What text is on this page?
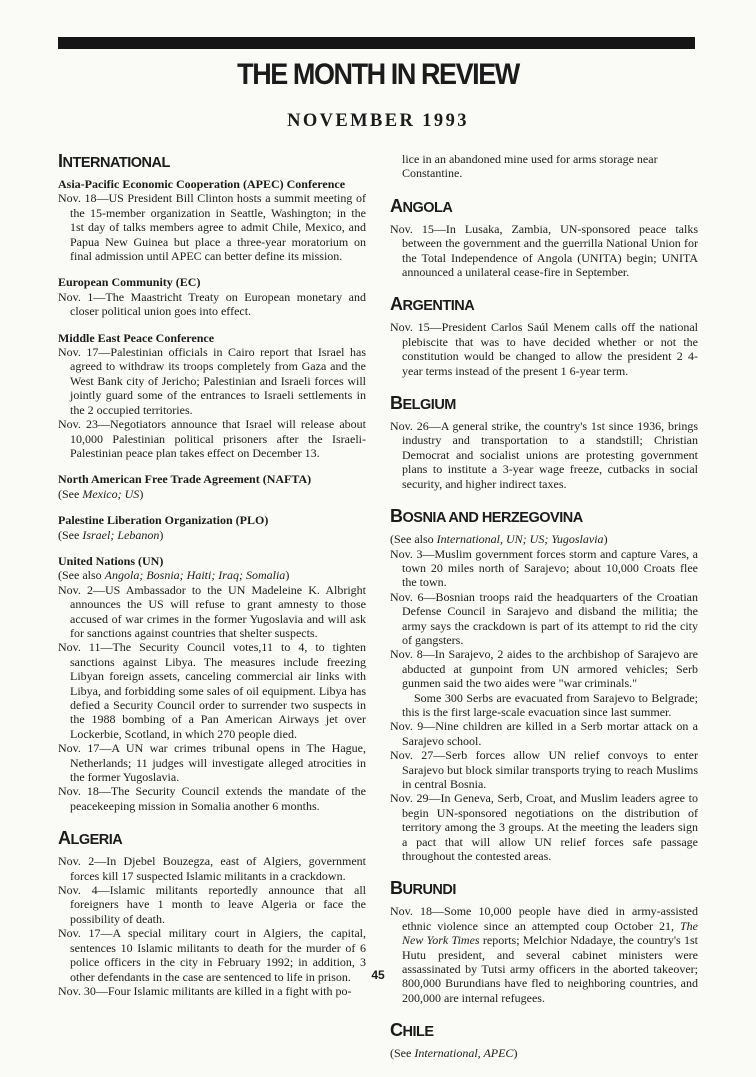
THE MONTH IN REVIEW
NOVEMBER 1993
INTERNATIONAL
Asia-Pacific Economic Cooperation (APEC) Conference
Nov. 18—US President Bill Clinton hosts a summit meeting of the 15-member organization in Seattle, Washington; in the 1st day of talks members agree to admit Chile, Mexico, and Papua New Guinea but place a three-year moratorium on final admission until APEC can better define its mission.
European Community (EC)
Nov. 1—The Maastricht Treaty on European monetary and closer political union goes into effect.
Middle East Peace Conference
Nov. 17—Palestinian officials in Cairo report that Israel has agreed to withdraw its troops completely from Gaza and the West Bank city of Jericho; Palestinian and Israeli forces will jointly guard some of the entrances to Israeli settlements in the 2 occupied territories.
Nov. 23—Negotiators announce that Israel will release about 10,000 Palestinian political prisoners after the Israeli-Palestinian peace plan takes effect on December 13.
North American Free Trade Agreement (NAFTA)
(See Mexico; US)
Palestine Liberation Organization (PLO)
(See Israel; Lebanon)
United Nations (UN)
(See also Angola; Bosnia; Haiti; Iraq; Somalia)
Nov. 2—US Ambassador to the UN Madeleine K. Albright announces the US will refuse to grant amnesty to those accused of war crimes in the former Yugoslavia and will ask for sanctions against countries that shelter suspects.
Nov. 11—The Security Council votes,11 to 4, to tighten sanctions against Libya. The measures include freezing Libyan foreign assets, canceling commercial air links with Libya, and forbidding some sales of oil equipment. Libya has defied a Security Council order to surrender two suspects in the 1988 bombing of a Pan American Airways jet over Lockerbie, Scotland, in which 270 people died.
Nov. 17—A UN war crimes tribunal opens in The Hague, Netherlands; 11 judges will investigate alleged atrocities in the former Yugoslavia.
Nov. 18—The Security Council extends the mandate of the peacekeeping mission in Somalia another 6 months.
ALGERIA
Nov. 2—In Djebel Bouzegza, east of Algiers, government forces kill 17 suspected Islamic militants in a crackdown.
Nov. 4—Islamic militants reportedly announce that all foreigners have 1 month to leave Algeria or face the possibility of death.
Nov. 17—A special military court in Algiers, the capital, sentences 10 Islamic militants to death for the murder of 6 police officers in the city in February 1992; in addition, 3 other defendants in the case are sentenced to life in prison.
Nov. 30—Four Islamic militants are killed in a fight with po-
lice in an abandoned mine used for arms storage near Constantine.
ANGOLA
Nov. 15—In Lusaka, Zambia, UN-sponsored peace talks between the government and the guerrilla National Union for the Total Independence of Angola (UNITA) begin; UNITA announced a unilateral cease-fire in September.
ARGENTINA
Nov. 15—President Carlos Saúl Menem calls off the national plebiscite that was to have decided whether or not the constitution would be changed to allow the president 2 4-year terms instead of the present 1 6-year term.
BELGIUM
Nov. 26—A general strike, the country's 1st since 1936, brings industry and transportation to a standstill; Christian Democrat and socialist unions are protesting government plans to institute a 3-year wage freeze, cutbacks in social security, and higher indirect taxes.
BOSNIA AND HERZEGOVINA
(See also International, UN; US; Yugoslavia)
Nov. 3—Muslim government forces storm and capture Vares, a town 20 miles north of Sarajevo; about 10,000 Croats flee the town.
Nov. 6—Bosnian troops raid the headquarters of the Croatian Defense Council in Sarajevo and disband the militia; the army says the crackdown is part of its attempt to rid the city of gangsters.
Nov. 8—In Sarajevo, 2 aides to the archbishop of Sarajevo are abducted at gunpoint from UN armored vehicles; Serb gunmen said the two aides were "war criminals."
Some 300 Serbs are evacuated from Sarajevo to Belgrade; this is the first large-scale evacuation since last summer.
Nov. 9—Nine children are killed in a Serb mortar attack on a Sarajevo school.
Nov. 27—Serb forces allow UN relief convoys to enter Sarajevo but block similar transports trying to reach Muslims in central Bosnia.
Nov. 29—In Geneva, Serb, Croat, and Muslim leaders agree to begin UN-sponsored negotiations on the distribution of territory among the 3 groups. At the meeting the leaders sign a pact that will allow UN relief forces safe passage throughout the contested areas.
BURUNDI
Nov. 18—Some 10,000 people have died in army-assisted ethnic violence since an attempted coup October 21, The New York Times reports; Melchior Ndadaye, the country's 1st Hutu president, and several cabinet ministers were assassinated by Tutsi army officers in the aborted takeover; 800,000 Burundians have fled to neighboring countries, and 200,000 are internal refugees.
CHILE
(See International, APEC)
45
